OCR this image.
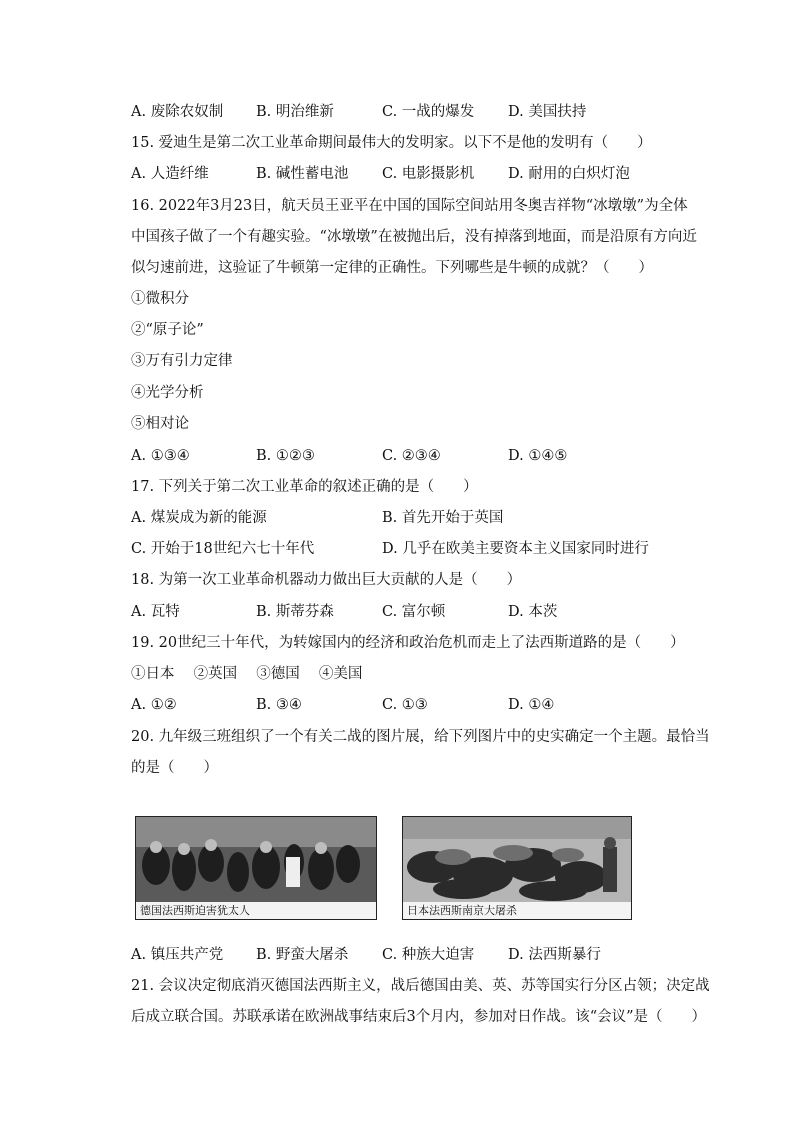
A. 废除农奴制 B. 明治维新	C. 一战的爆发 D. 美国扶持
15. 爱迪生是第二次工业革命期间最伟大的发明家。以下不是他的发明有（　　）
A. 人造纤维	B. 碱性蓄电池 C. 电影摄影机 D. 耐用的白炽灯泡
16. 2022年3月23日，航天员王亚平在中国的国际空间站用冬奥吉祥物“冰墩墩”为全体
中国孩子做了一个有趣实验。“冰墩墩”在被抛出后，没有掉落到地面，而是沿原有方向近
似匀速前进，这验证了牛顿第一定律的正确性。下列哪些是牛顿的成就？（　　）
①微积分
②“原子论”
③万有引力定律
④光学分析
⑤相对论
A. ①③④	B. ①②③	C. ②③④	D. ①④⑤
17. 下列关于第二次工业革命的叙述正确的是（　　）
A. 煤炭成为新的能源	B. 首先开始于英国
C. 开始于18世纪六七十年代	D. 几乎在欧美主要资本主义国家同时进行
18. 为第一次工业革命机器动力做出巨大贡献的人是（　　）
A. 瓦特	B. 斯蒂芬森	C. 富尔顿	D. 本茨
19. 20世纪三十年代，为转嫁国内的经济和政治危机而走上了法西斯道路的是（　　）
①日本　 ②英国　 ③德国　 ④美国
A. ①②	B. ③④	C. ①③	D. ①④
20. 九年级三班组织了一个有关二战的图片展，给下列图片中的史实确定一个主题。最恰当
的是（　　）
德国法西斯迫害犹太人	日本法西斯南京大屠杀
A. 镇压共产党 B. 野蛮大屠杀 C. 种族大迫害 D. 法西斯暴行
21. 会议决定彻底消灭德国法西斯主义，战后德国由美、英、苏等国实行分区占领；决定战
后成立联合国。苏联承诺在欧洲战事结束后3个月内，参加对日作战。该“会议”是（　　）
